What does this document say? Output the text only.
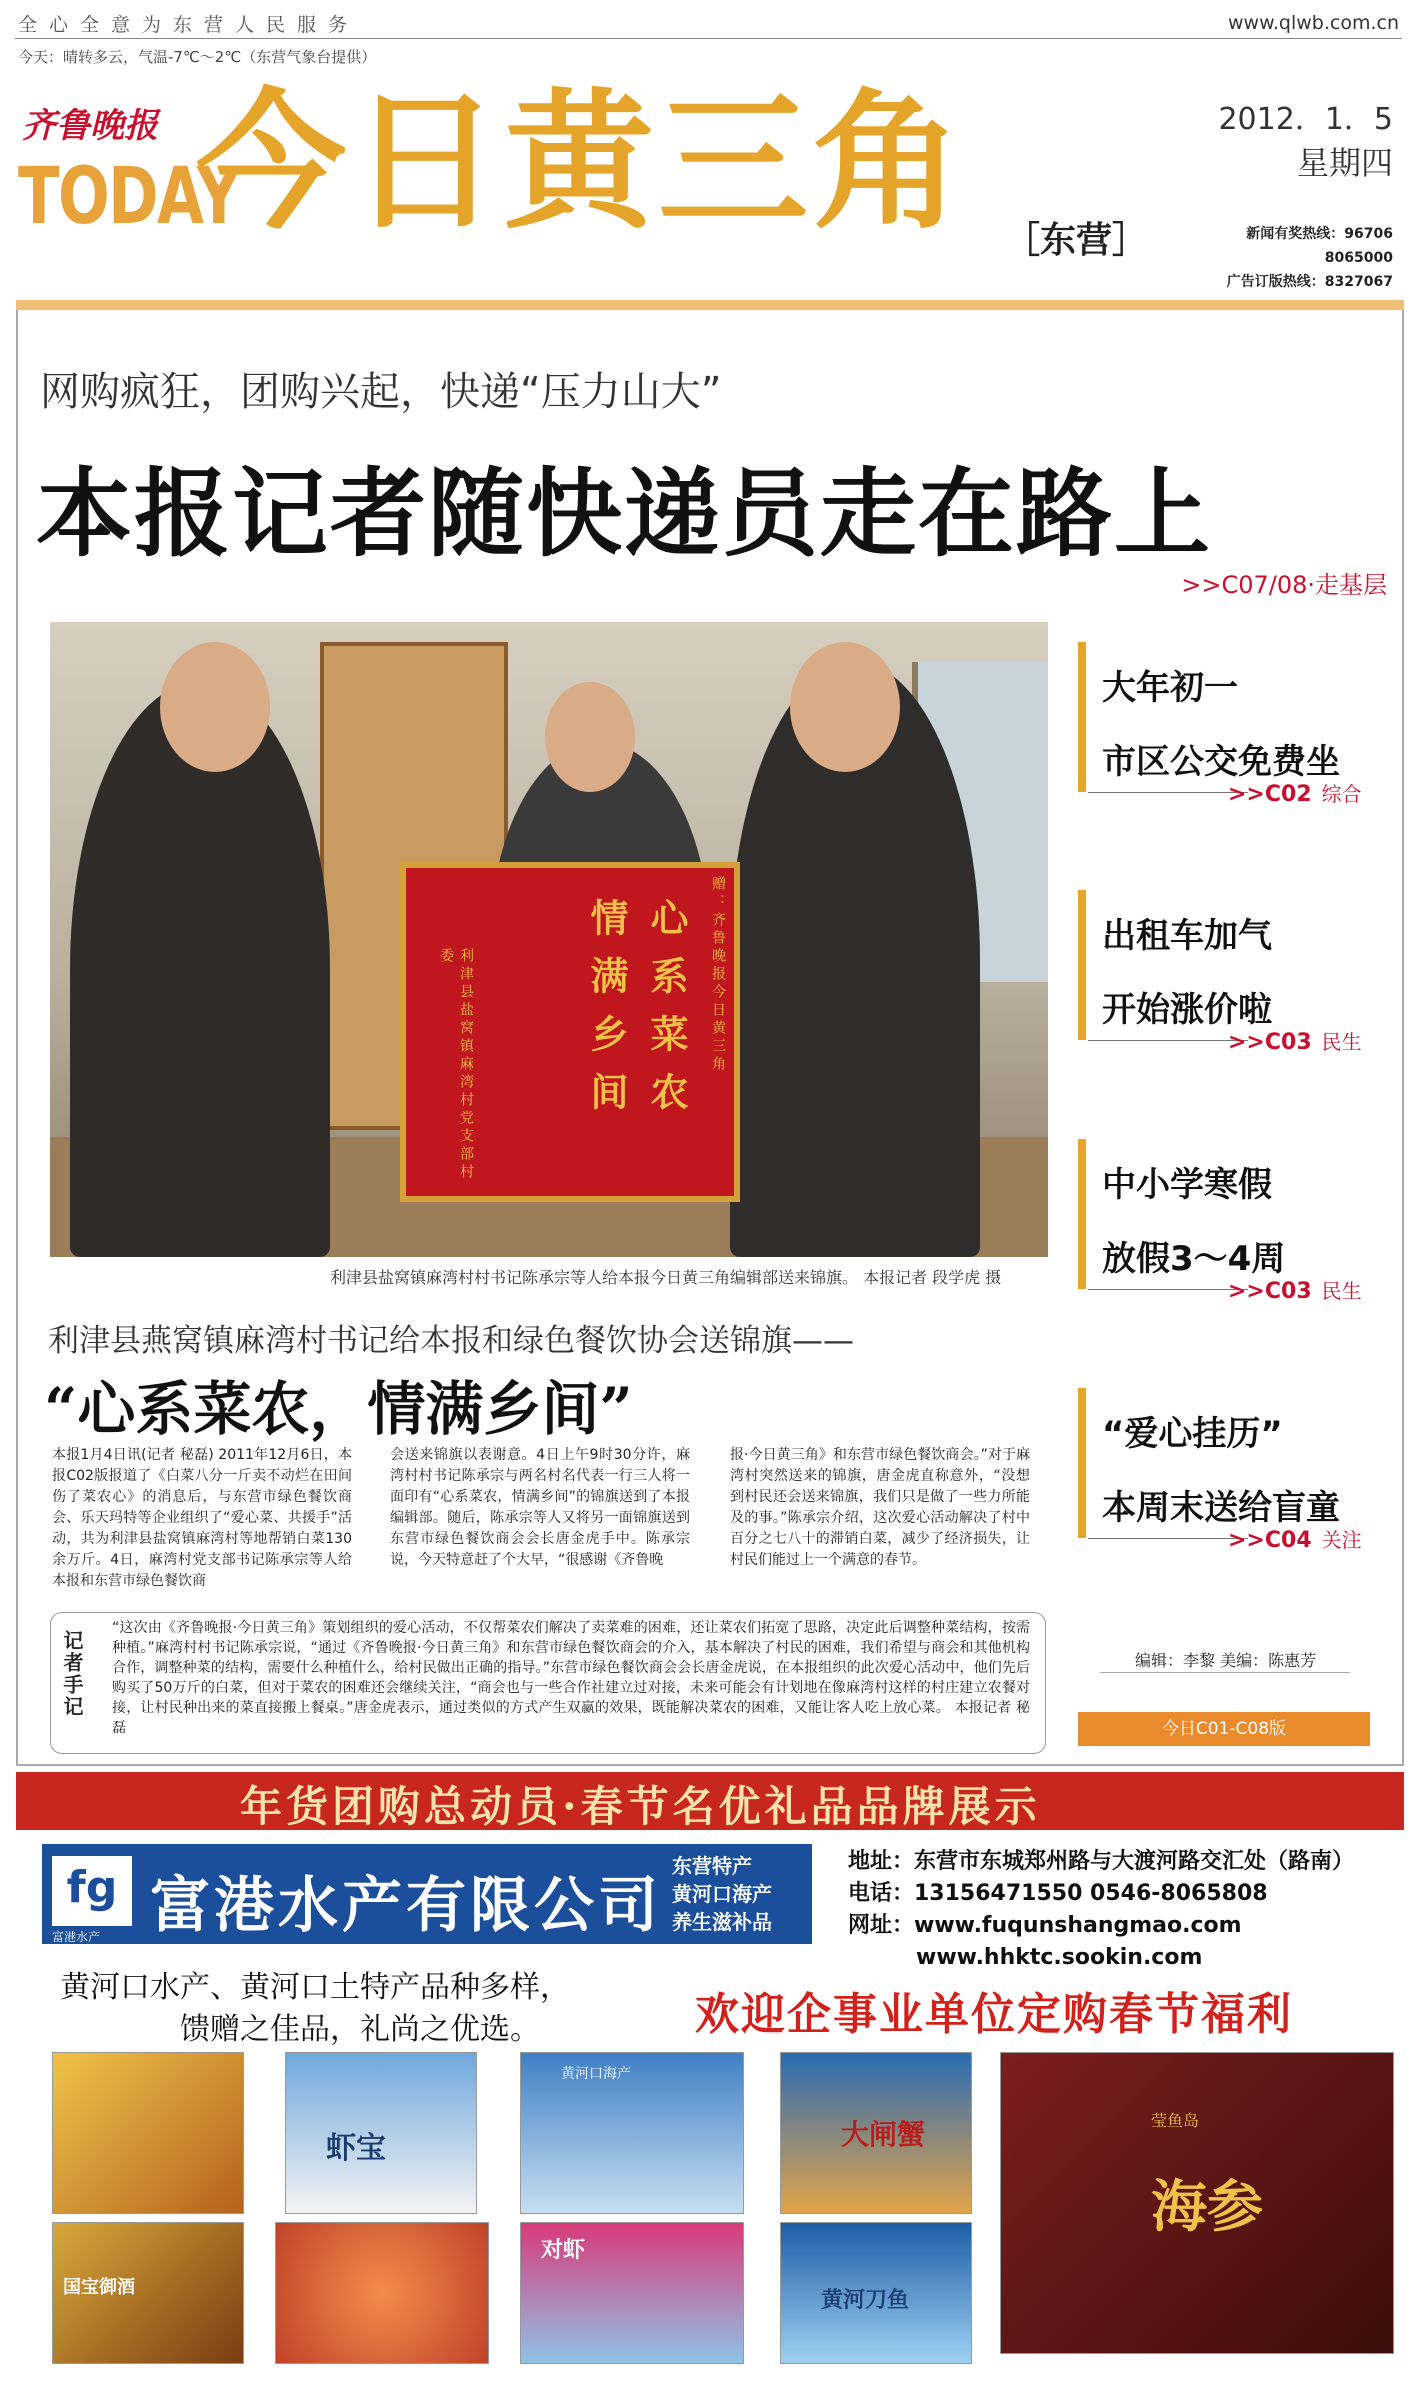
全心全意为东营人民服务	www.qlwb.com.cn
今天：晴转多云，气温-7℃～2℃（东营气象台提供）
齐鲁晚报
TODAY
今日黄三角 ［东营］
2012．1．5
星期四
新闻有奖热线：96706
8065000
广告订版热线：8327067
网购疯狂，团购兴起，快递“压力山大”
本报记者随快递员走在路上
>>C07/08·走基层
心系菜农
情满乡间	赠：齐鲁晚报今日黄三角
利津县盐窝镇麻湾村党支部村委
利津县盐窝镇麻湾村村书记陈承宗等人给本报今日黄三角编辑部送来锦旗。 本报记者 段学虎 摄
利津县燕窝镇麻湾村书记给本报和绿色餐饮协会送锦旗——
“心系菜农，情满乡间”
本报1月4日讯(记者 秘磊) 2011年12月6日，本报C02版报道了《白菜八分一斤卖不动烂在田间伤了菜农心》的消息后，与东营市绿色餐饮商会、乐天玛特等企业组织了“爱心菜、共援手”活动，共为利津县盐窝镇麻湾村等地帮销白菜130余万斤。4日，麻湾村党支部书记陈承宗等人给本报和东营市绿色餐饮商
会送来锦旗以表谢意。4日上午9时30分许，麻湾村村书记陈承宗与两名村名代表一行三人将一面印有“心系菜农，情满乡间”的锦旗送到了本报编辑部。随后，陈承宗等人又将另一面锦旗送到东营市绿色餐饮商会会长唐金虎手中。陈承宗说，今天特意赶了个大早，“很感谢《齐鲁晚
报·今日黄三角》和东营市绿色餐饮商会。”对于麻湾村突然送来的锦旗，唐金虎直称意外，“没想到村民还会送来锦旗，我们只是做了一些力所能及的事。”陈承宗介绍，这次爱心活动解决了村中百分之七八十的滞销白菜，减少了经济损失，让村民们能过上一个满意的春节。
记者手记
“这次由《齐鲁晚报·今日黄三角》策划组织的爱心活动，不仅帮菜农们解决了卖菜难的困难，还让菜农们拓宽了思路，决定此后调整种菜结构，按需种植。”麻湾村村书记陈承宗说，“通过《齐鲁晚报·今日黄三角》和东营市绿色餐饮商会的介入，基本解决了村民的困难，我们希望与商会和其他机构合作，调整种菜的结构，需要什么种植什么，给村民做出正确的指导。”东营市绿色餐饮商会会长唐金虎说，在本报组织的此次爱心活动中，他们先后购买了50万斤的白菜，但对于菜农的困难还会继续关注，“商会也与一些合作社建立过对接，未来可能会有计划地在像麻湾村这样的村庄建立农餐对接，让村民种出来的菜直接搬上餐桌。”唐金虎表示，通过类似的方式产生双赢的效果，既能解决菜农的困难，又能让客人吃上放心菜。 本报记者 秘磊
大年初一
市区公交免费坐
>>C02 综合
出租车加气
开始涨价啦
>>C03 民生
中小学寒假
放假3～4周
>>C03 民生
“爱心挂历”
本周末送给盲童
>>C04 关注
编辑：李黎 美编：陈惠芳
今日C01-C08版
年货团购总动员·春节名优礼品品牌展示
fg
富港水产 富港水产有限公司
东营特产
黄河口海产
养生滋补品
地址：东营市东城郑州路与大渡河路交汇处（路南）
电话：13156471550 0546-8065808
网址：www.fuqunshangmao.com
www.hhktc.sookin.com
黄河口水产、黄河口土特产品种多样，
馈赠之佳品，礼尚之优选。	欢迎企事业单位定购春节福利
虾宝
黄河口海产
大闸蟹	莹鱼岛
海参
国宝御酒
对虾
黄河刀鱼
